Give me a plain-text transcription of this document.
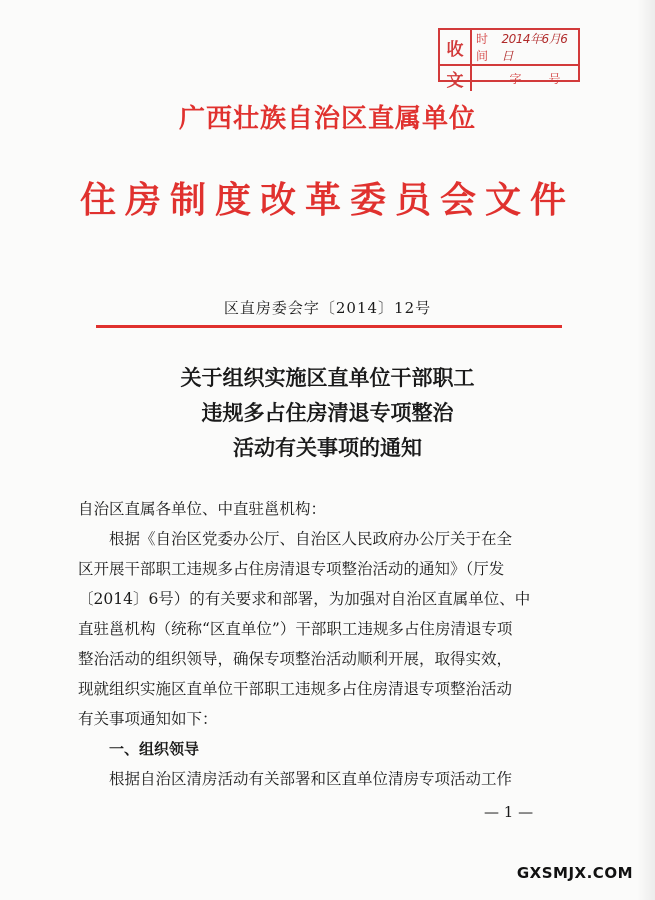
收
时间
2014年6月6日
文	字 号
广西壮族自治区直属单位
住房制度改革委员会文件
区直房委会字〔2014〕12号
关于组织实施区直单位干部职工
违规多占住房清退专项整治
活动有关事项的通知

自治区直属各单位、中直驻邕机构：

根据《自治区党委办公厅、自治区人民政府办公厅关于在全

区开展干部职工违规多占住房清退专项整治活动的通知》（厅发

〔2014〕6号）的有关要求和部署，为加强对自治区直属单位、中

直驻邕机构（统称“区直单位”）干部职工违规多占住房清退专项

整治活动的组织领导，确保专项整治活动顺利开展，取得实效，

现就组织实施区直单位干部职工违规多占住房清退专项整治活动

有关事项通知如下：

一、组织领导

根据自治区清房活动有关部署和区直单位清房专项活动工作

— 1 —
GXSMJX.COM
